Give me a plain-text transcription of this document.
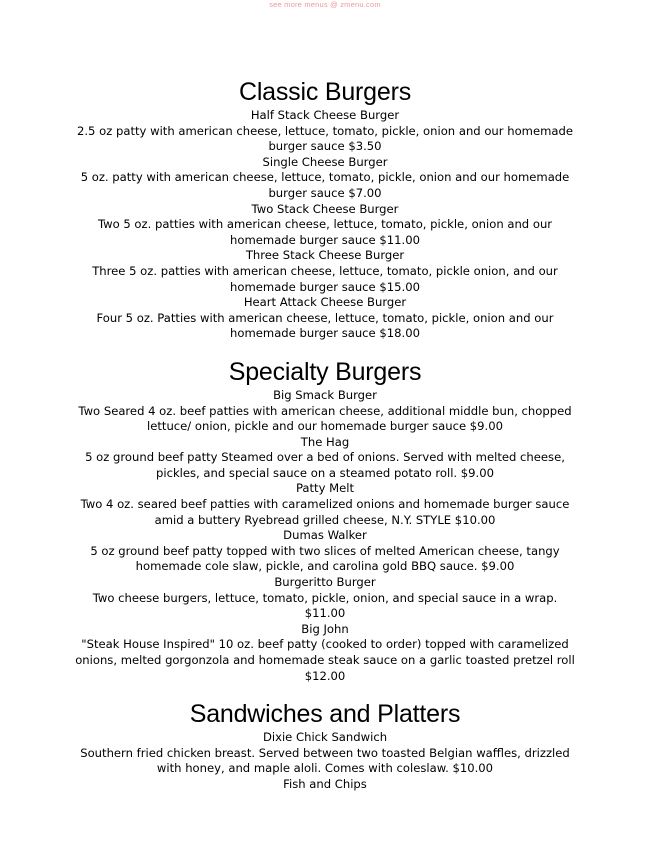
see more menus @ zmenu.com
Classic Burgers

Half Stack Cheese Burger

2.5 oz patty with american cheese, lettuce, tomato, pickle, onion and our homemade burger sauce $3.50

Single Cheese Burger

5 oz. patty with american cheese, lettuce, tomato, pickle, onion and our homemade burger sauce $7.00

Two Stack Cheese Burger

Two 5 oz. patties with american cheese, lettuce, tomato, pickle, onion and our homemade burger sauce $11.00

Three Stack Cheese Burger

Three 5 oz. patties with american cheese, lettuce, tomato, pickle onion, and our homemade burger sauce $15.00

Heart Attack Cheese Burger

Four 5 oz. Patties with american cheese, lettuce, tomato, pickle, onion and our homemade burger sauce $18.00

Specialty Burgers

Big Smack Burger

Two Seared 4 oz. beef patties with american cheese, additional middle bun, chopped lettuce/ onion, pickle and our homemade burger sauce $9.00

The Hag

5 oz ground beef patty Steamed over a bed of onions. Served with melted cheese, pickles, and special sauce on a steamed potato roll. $9.00

Patty Melt

Two 4 oz. seared beef patties with caramelized onions and homemade burger sauce amid a buttery Ryebread grilled cheese, N.Y. STYLE $10.00

Dumas Walker

5 oz ground beef patty topped with two slices of melted American cheese, tangy homemade cole slaw, pickle, and carolina gold BBQ sauce. $9.00

Burgeritto Burger

Two cheese burgers, lettuce, tomato, pickle, onion, and special sauce in a wrap. $11.00

Big John

"Steak House Inspired" 10 oz. beef patty (cooked to order) topped with caramelized onions, melted gorgonzola and homemade steak sauce on a garlic toasted pretzel roll $12.00

Sandwiches and Platters

Dixie Chick Sandwich

Southern fried chicken breast. Served between two toasted Belgian waffles, drizzled with honey, and maple aloli. Comes with coleslaw. $10.00

Fish and Chips
